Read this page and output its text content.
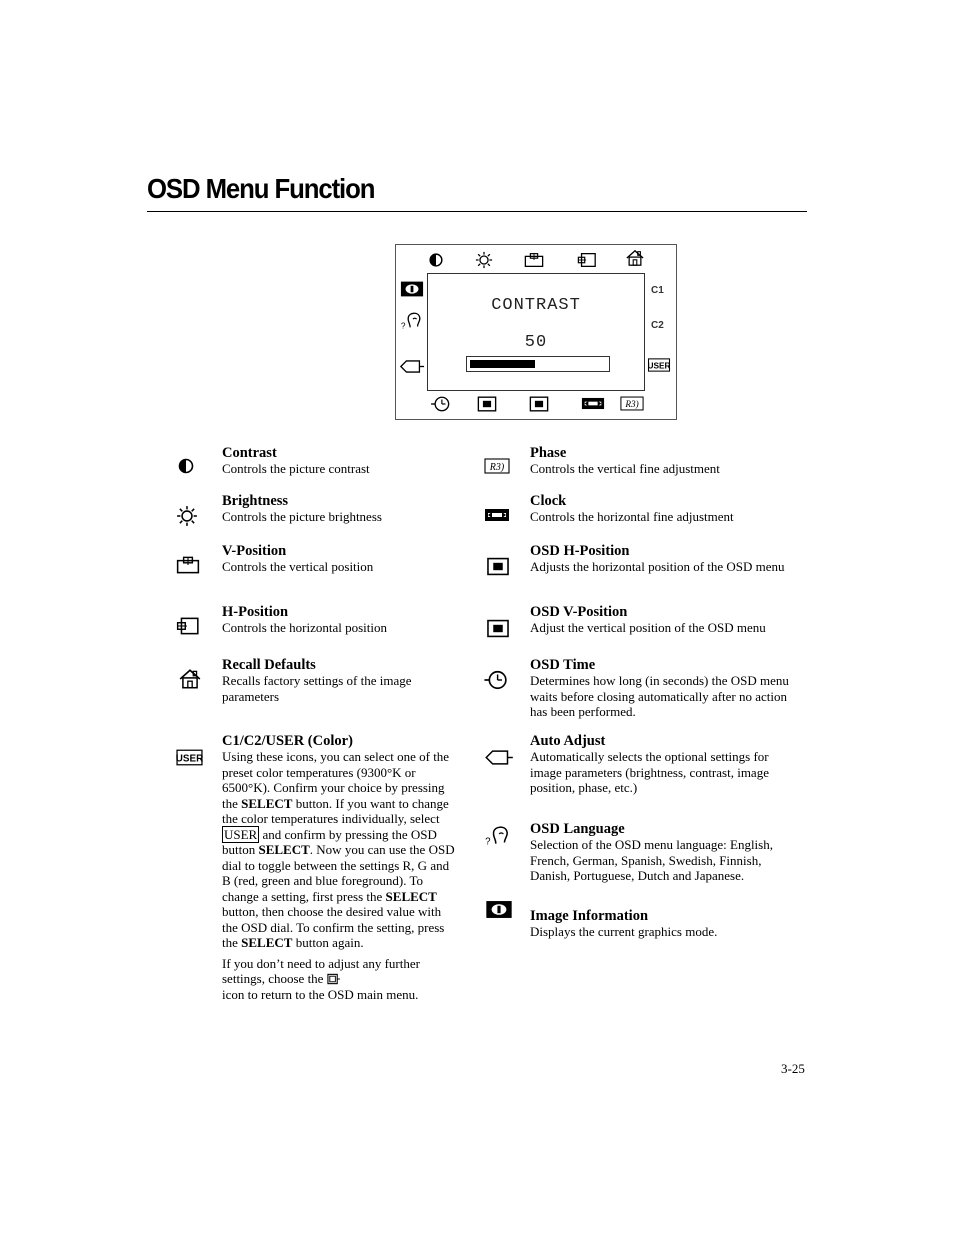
OSD Menu Function
C1
C2
CONTRAST
50
Contrast

Controls the picture contrast

Brightness

Controls the picture brightness

V-Position

Controls the vertical position

H-Position

Controls the horizontal position

Recall Defaults

Recalls factory settings of the image parameters

C1/C2/USER (Color)

Using these icons, you can select one of the preset color temperatures (9300°K or 6500°K). Confirm your choice by pressing the SELECT button. If you want to change the color temperatures individually, select USER and confirm by pressing the OSD button SELECT. Now you can use the OSD dial to toggle between the settings R, G and B (red, green and blue foreground). To change a setting, first press the SELECT button, then choose the desired value with the OSD dial. To confirm the setting, press the SELECT button again.

If you don’t need to adjust any further settings, choose the
icon to return to the OSD main menu.

Phase

Controls the vertical fine adjustment

Clock

Controls the horizontal fine adjustment

OSD H-Position

Adjusts the horizontal position of the OSD menu

OSD V-Position

Adjust the vertical position of the OSD menu

OSD Time

Determines how long (in seconds) the OSD menu waits before closing automatically after no action has been performed.

Auto Adjust

Automatically selects the optional settings for image parameters (brightness, contrast, image position, phase, etc.)

OSD Language

Selection of the OSD menu language: English, French, German, Spanish, Swedish, Finnish, Danish, Portuguese, Dutch and Japanese.

Image Information

Displays the current graphics mode.

3-25
